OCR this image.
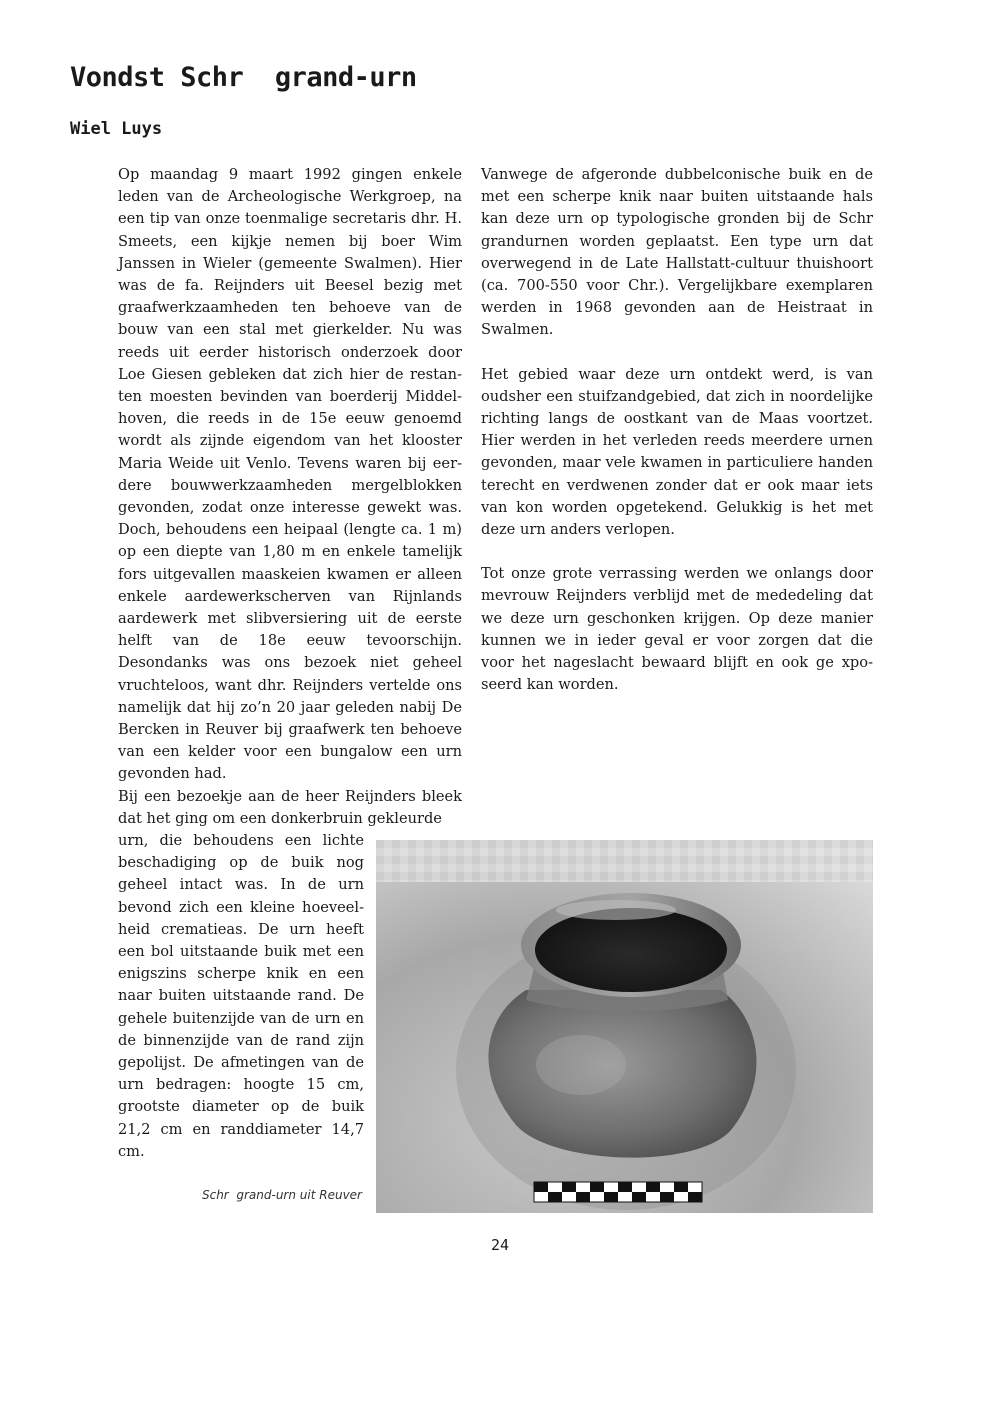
Vondst Schr  grand-urn

Wiel Luys

Op maandag 9 maart 1992 gingen enkele leden van de Archeologische Werkgroep, na een tip van onze toenmalige secretaris dhr. H. Smeets, een kijkje nemen bij boer Wim Janssen in Wieler (gemeente Swalmen). Hier was de fa. Reijnders uit Beesel bezig met graafwerkzaamheden ten behoeve van de bouw van een stal met gierkelder. Nu was reeds uit eerder historisch onderzoek door Loe Giesen gebleken dat zich hier de restanten moesten bevinden van boerderij Middelhoven, die reeds in de 15e eeuw genoemd wordt als zijnde eigendom van het klooster Maria Weide uit Venlo. Tevens waren bij eerdere bouwwerkzaamheden mergelblokken gevonden, zodat onze interesse gewekt was. Doch, behoudens een heipaal (lengte ca. 1 m) op een diepte van 1,80 m en enkele tamelijk fors uitgevallen maaskeien kwamen er alleen enkele aardewerkscherven van Rijnlands aardewerk met slibversiering uit de eerste helft van de 18e eeuw tevoorschijn. Desondanks was ons bezoek niet geheel vruchteloos, want dhr. Reijnders vertelde ons namelijk dat hij zo’n 20 jaar geleden nabij De Bercken in Reuver bij graafwerk ten behoeve van een kelder voor een bungalow een urn gevonden had.

Bij een bezoekje aan de heer Reijnders bleek dat het ging om een donkerbruin gekleurde

urn, die behoudens een lichte beschadiging op de buik nog geheel intact was. In de urn bevond zich een kleine hoeveelheid crematieas. De urn heeft een bol uitstaande buik met een enigszins scherpe knik en een naar buiten uitstaande rand. De gehele buitenzijde van de urn en de binnenzijde van de rand zijn gepolijst. De afmetingen van de urn bedragen: hoogte 15 cm, grootste diameter op de buik 21,2 cm en randdiameter 14,7 cm.

Vanwege de afgeronde dubbelconische buik en de met een scherpe knik naar buiten uitstaande hals kan deze urn op typologische gronden bij de Schr grandurnen worden geplaatst. Een type urn dat overwegend in de Late Hallstatt-cultuur thuishoort (ca. 700-550 voor Chr.). Vergelijkbare exemplaren werden in 1968 gevonden aan de Heistraat in Swalmen.

Het gebied waar deze urn ontdekt werd, is van oudsher een stuifzandgebied, dat zich in noordelijke richting langs de oostkant van de Maas voortzet. Hier werden in het verleden reeds meerdere urnen gevonden, maar vele kwamen in particuliere handen terecht en verdwenen zonder dat er ook maar iets van kon worden opgetekend. Gelukkig is het met deze urn anders verlopen.

Tot onze grote verrassing werden we onlangs door mevrouw Reijnders verblijd met de mededeling dat we deze urn geschonken krijgen. Op deze manier kunnen we in ieder geval er voor zorgen dat die voor het nageslacht bewaard blijft en ook ge xposeerd kan worden.

Schr  grand-urn uit Reuver

24
